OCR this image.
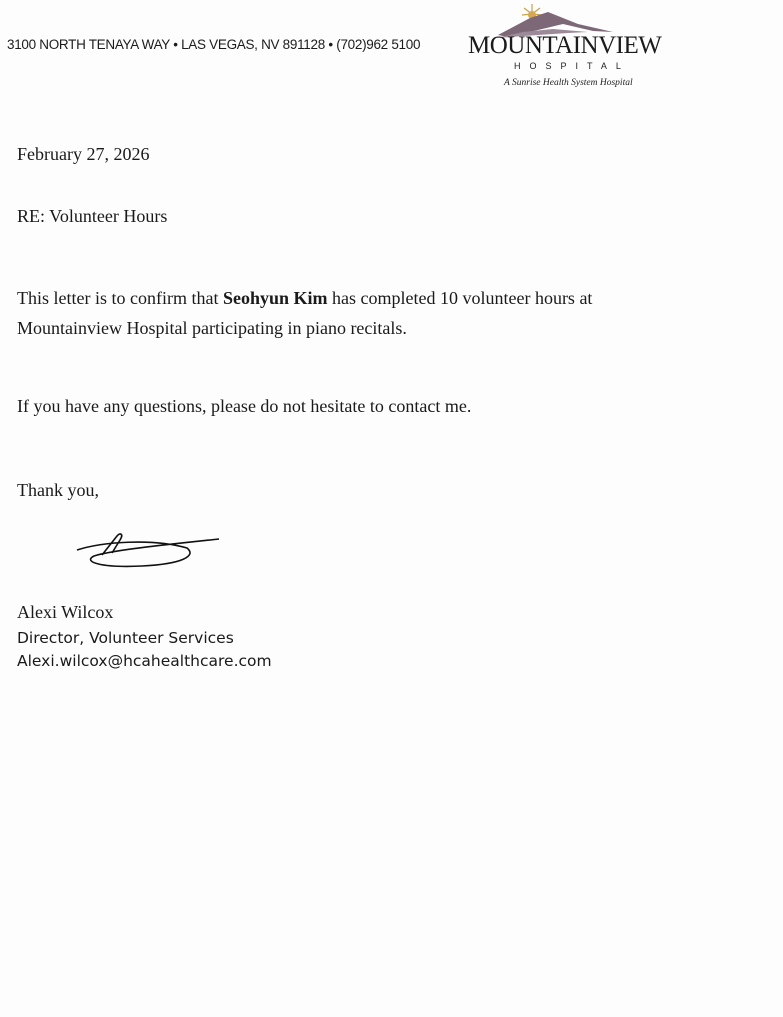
3100 NORTH TENAYA WAY • LAS VEGAS, NV 891128 • (702)962 5100 MOUNTAINVIEW
HOSPITAL
A Sunrise Health System Hospital
February 27, 2026
RE: Volunteer Hours
This letter is to confirm that Seohyun Kim has completed 10 volunteer hours at
Mountainview Hospital participating in piano recitals.
If you have any questions, please do not hesitate to contact me.
Thank you,
Alexi Wilcox
Director, Volunteer Services
Alexi.wilcox@hcahealthcare.com
